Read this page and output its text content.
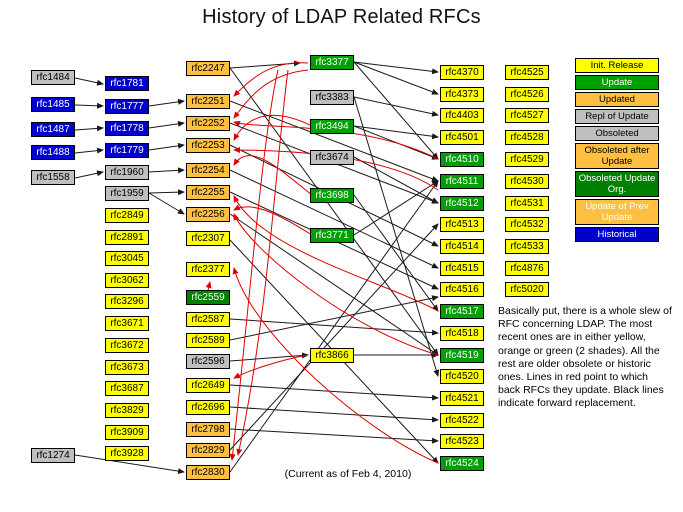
History of LDAP Related RFCs
Init. Release
Update
Updated
Repl of Update
Obsoleted
Obsoleted after Update
Obsoleted Update Org.
Update of Prev Update
Historical
Basically put, there is a whole slew of RFC concerning LDAP. The most recent ones are in either yellow, orange or green (2 shades). All the rest are older obsolete or historic ones. Lines in red point to which back RFCs they update. Black lines indicate forward replacement.
(Current as of Feb 4, 2010)
rfc1484
rfc1485
rfc1487
rfc1488
rfc1558
rfc1781
rfc1777
rfc1778
rfc1779
rfc1960
rfc1959
rfc2849
rfc2891
rfc3045
rfc3062
rfc3296
rfc3671
rfc3672
rfc3673
rfc3687
rfc3829
rfc3909
rfc3928
rfc1274
rfc2247
rfc2251
rfc2252
rfc2253
rfc2254
rfc2255
rfc2256
rfc2307
rfc2377
rfc2559
rfc2587
rfc2589
rfc2596
rfc2649
rfc2696
rfc2798
rfc2829
rfc2830
rfc3377
rfc3383
rfc3494
rfc3674
rfc3698
rfc3771
rfc3866
rfc4370
rfc4373
rfc4403
rfc4501
rfc4510
rfc4511
rfc4512
rfc4513
rfc4514
rfc4515
rfc4516
rfc4517
rfc4518
rfc4519
rfc4520
rfc4521
rfc4522
rfc4523
rfc4524
rfc4525
rfc4526
rfc4527
rfc4528
rfc4529
rfc4530
rfc4531
rfc4532
rfc4533
rfc4876
rfc5020
